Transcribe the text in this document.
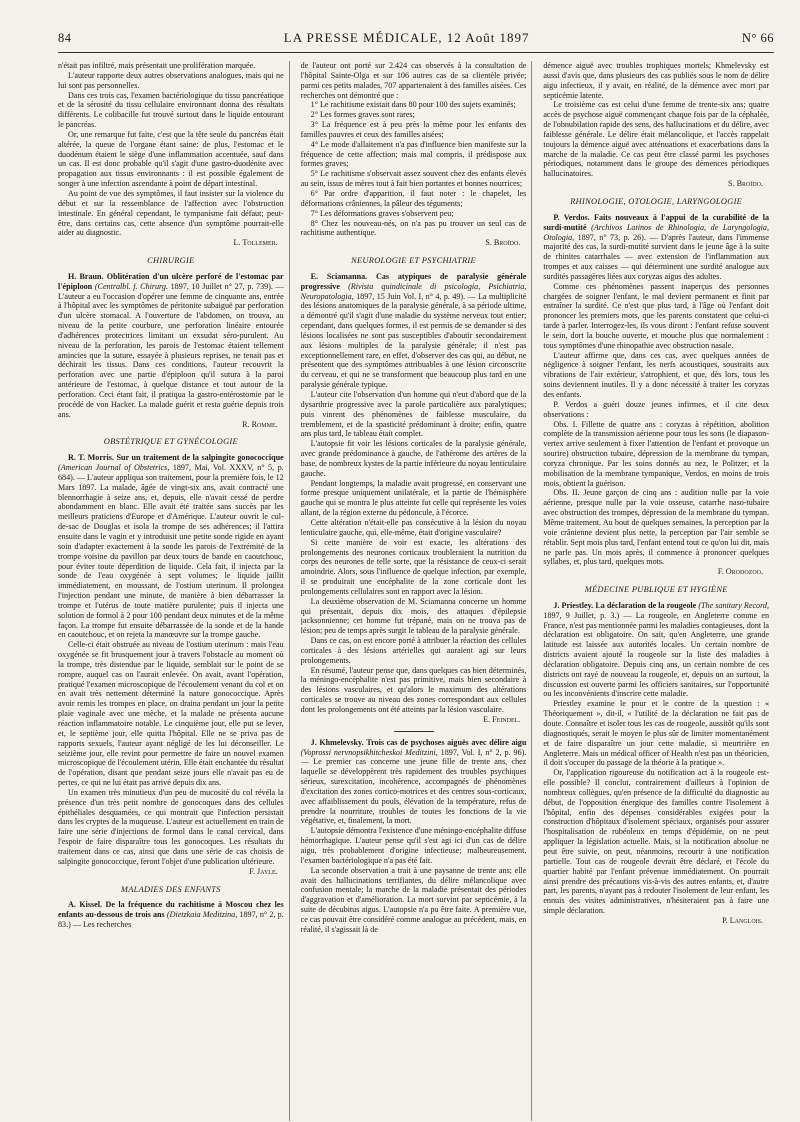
84	LA PRESSE MÉDICALE, 12 Août 1897	N° 66

n'était pas infiltré, mais présentait une prolifération marquée.

L'auteur rapporte deux autres observations analogues, mais qui ne lui sont pas personnelles.

Dans ces trois cas, l'examen bactériologique du tissu pancréatique et de la sérosité du tissu cellulaire environnant donna des résultats différents. Le colibacille fut trouvé surtout dans le liquide entourant le pancréas.

Or, une remarque fut faite, c'est que la tête seule du pancréas était altérée, la queue de l'organe étant saine: de plus, l'estomac et le duodénum étaient le siège d'une inflammation accentuée, sauf dans un cas. Il est donc probable qu'il s'agit d'une gastro-duodénite avec propagation aux tissus environnants : il est possible également de songer à une infection ascendante à point de départ intestinal.

Au point de vue des symptômes, il faut insister sur la violence du début et sur la ressemblance de l'affection avec l'obstruction intestinale. En général cependant, le tympanisme fait défaut; peut-être, dans certains cas, cette absence d'un symptôme pourrait-elle aider au diagnostic.

L. Tollemer.
CHIRURGIE

H. Braun. Oblitération d'un ulcère perforé de l'estomac par l'épiploon (Centralbl. f. Chirurg. 1897, 10 Juillet n° 27, p. 739). — L'auteur a eu l'occasion d'opérer une femme de cinquante ans, entrée à l'hôpital avec les symptômes de péritonite subaiguë par perforation d'un ulcère stomacal. A l'ouverture de l'abdomen, on trouva, au niveau de la petite courbure, une perforation linéaire entourée d'adhérences protectrices limitant un exsudat séro-purulent. Au niveau de la perforation, les parois de l'estomac étaient tellement amincies que la suture, essayée à plusieurs reprises, ne tenait pas et déchirait les tissus. Dans ces conditions, l'auteur recouvrit la perforation avec une partie d'épiploon qu'il sutura à la paroi antérieure de l'estomac, à quelque distance et tout autour de la perforation. Ceci étant fait, il pratiqua la gastro-entérostomie par le procédé de von Hacker. La malade guérit et resta guérie depuis trois ans.

R. Romme.
OBSTÉTRIQUE ET GYNÉCOLOGIE

R. T. Morris. Sur un traitement de la salpingite gonococcique (American Journal of Obstetrics, 1897, Mai, Vol. XXXV, n° 5, p. 684). — L'auteur appliqua son traitement, pour la première fois, le 12 Mars 1897. La malade, âgée de vingt-six ans, avait contracté une blennorrhagie à seize ans, et, depuis, elle n'avait cessé de perdre abondamment en blanc. Elle avait été traitée sans succès par les meilleurs praticiens d'Europe et d'Amérique. L'auteur ouvrit le cul-de-sac de Douglas et isola la trompe de ses adhérences; il l'attira ensuite dans le vagin et y introduisit une petite sonde rigide en ayant soin d'adapter exactement à la sonde les parois de l'extrémité de la trompe voisine du pavillon par deux tours de bande en caoutchouc, pour éviter toute déperdition de liquide. Cela fait, il injecta par la sonde de l'eau oxygénée à sept volumes; le liquide jaillit immédiatement, en moussant, de l'ostium uterinum. Il prolongea l'injection pendant une minute, de manière à bien débarrasser la trompe et l'utérus de toute matière purulente; puis il injecta une solution de formol à 2 pour 100 pendant deux minutes et de la même façon. La trompe fut ensuite débarrassée de la sonde et de la bande en caoutchouc, et on rejeta la manœuvre sur la trompe gauche.

Celle-ci était obstruée au niveau de l'ostium uterinum : mais l'eau oxygénée se fit brusquement jour à travers l'obstacle au moment où la trompe, très distendue par le liquide, semblait sur le point de se rompre, auquel cas on l'aurait enlevée. On avait, avant l'opération, pratiqué l'examen microscopique de l'écoulement venant du col et on en avait très nettement déterminé la nature gonococcique. Après avoir remis les trompes en place, on draina pendant un jour la petite plaie vaginale avec une mèche, et la malade ne présenta aucune réaction inflammatoire notable. Le cinquième jour, elle put se lever, et, le septième jour, elle quitta l'hôpital. Elle ne se priva pas de rapports sexuels, l'auteur ayant négligé de les lui déconseiller. Le seizième jour, elle revint pour permettre de faire un nouvel examen microscopique de l'écoulement utérin. Elle était enchantée du résultat de l'opération, disant que pendant seize jours elle n'avait pas eu de pertes, ce qui ne lui était pas arrivé depuis dix ans.

Un examen très minutieux d'un peu de mucosité du col révéla la présence d'un très petit nombre de gonocoques dans des cellules épithéliales desquamées, ce qui montrait que l'infection persistait dans les cryptes de la muqueuse. L'auteur est actuellement en train de faire une série d'injections de formol dans le canal cervical, dans l'espoir de faire disparaître tous les gonocoques. Les résultats du traitement dans ce cas, ainsi que dans une série de cas choisis de salpingite gonococcique, feront l'objet d'une publication ultérieure.

F. Jayle.
MALADIES DES ENFANTS

A. Kissel. De la fréquence du rachitisme à Moscou chez les enfants au-dessous de trois ans (Dietzkaia Meditzina, 1897, n° 2, p. 83.) — Les recherches

de l'auteur ont porté sur 2.424 cas observés à la consultation de l'hôpital Sainte-Olga et sur 106 autres cas de sa clientèle privée; parmi ces petits malades, 707 appartenaient à des familles aisées. Ces recherches ont démontré que :

1° Le rachitisme existait dans 80 pour 100 des sujets examinés;

2° Les formes graves sont rares;

3° La fréquence est à peu près la même pour les enfants des familles pauvres et ceux des familles aisées;

4° Le mode d'allaitement n'a pas d'influence bien manifeste sur la fréquence de cette affection; mais mal compris, il prédispose aux formes graves;

5° Le rachitisme s'observait assez souvent chez des enfants élevés au sein, issus de mères tout à fait bien portantes et bonnes nourrices;

6° Par ordre d'apparition, il faut noter : le chapelet, les déformations crâniennes, la pâleur des téguments;

7° Les déformations graves s'observent peu;

8° Chez les nouveau-nés, on n'a pas pu trouver un seul cas de rachitisme authentique.

S. Broïdo.
NEUROLOGIE ET PSYCHIATRIE

E. Sciamanna. Cas atypiques de paralysie générale progressive (Rivista quindicinale di psicologia, Psichiatria, Neuropatologia, 1897, 15 Juin Vol. I, n° 4, p. 49). — La multiplicité des lésions anatomiques de la paralysie générale, à sa période ultime, a démontré qu'il s'agit d'une maladie du système nerveux tout entier; cependant, dans quelques formes, il est permis de se demander si des lésions localisées ne sont pas susceptibles d'aboutir secondairement aux lésions multiples de la paralysie générale; il n'est pas exceptionnellement rare, en effet, d'observer des cas qui, au début, ne présentent que des symptômes attribuables à une lésion circonscrite du cerveau, et qui ne se transforment que beaucoup plus tard en une paralysie générale typique.

L'auteur cite l'observation d'un homme qui n'eut d'abord que de la dysarthrie progressive avec la parole particulière aux paralytiques; puis vinrent des phénomènes de faiblesse musculaire, du tremblement, et de la spasticité prédominant à droite; enfin, quatre ans plus tard, le tableau était complet.

L'autopsie fit voir les lésions corticales de la paralysie générale, avec grande prédominance à gauche, de l'athérome des artères de la base, de nombreux kystes de la partie inférieure du noyau lenticulaire gauche.

Pendant longtemps, la maladie avait progressé, en conservant une forme presque uniquement unilatérale, et la partie de l'hémisphère gauche qui se montra le plus atteinte fut celle qui représente les voies allant, de la région externe du pédoncule, à l'écorce.

Cette altération n'était-elle pas consécutive à la lésion du noyau lenticulaire gauche, qui, elle-même, était d'origine vasculaire?

Si cette manière de voir est exacte, les altérations des prolongements des neurones corticaux troubleraient la nutrition du corps des neurones de telle sorte, que la résistance de ceux-ci serait amoindrie. Alors, sous l'influence de quelque infection, par exemple, il se produirait une encéphalite de la zone corticale dont les prolongements cellulaires sont en rapport avec la lésion.

La deuxième observation de M. Sciamanna concerne un homme qui présentait, depuis dix mois, des attaques d'épilepsie jacksonnienne; cet homme fut trépané, mais on ne trouva pas de lésion; peu de temps après surgit le tableau de la paralysie générale.

Dans ce cas, on est encore porté à attribuer la réaction des cellules corticales à des lésions artérielles qui auraient agi sur leurs prolongements.

En résumé, l'auteur pense que, dans quelques cas bien déterminés, la méningo-encéphalite n'est pas primitive, mais bien secondaire à des lésions vasculaires, et qu'alors le maximum des altérations corticales se trouve au niveau des zones correspondant aux cellules dont les prolongements ont été atteints par la lésion vasculaire.

E. Feindel.

J. Khmelevsky. Trois cas de psychoses aiguës avec délire aigu (Voprossi nervnopsikhitcheskoi Meditzini, 1897, Vol. I, n° 2, p. 96). — Le premier cas concerne une jeune fille de trente ans, chez laquelle se développèrent très rapidement des troubles psychiques sérieux, surexcitation, incohérence, accompagnés de phénomènes d'excitation des zones cortico-motrices et des centres sous-corticaux, avec affaiblissement du pouls, élévation de la température, refus de prendre la nourriture, troubles de toutes les fonctions de la vie végétative, et, finalement, la mort.

L'autopsie démontra l'existence d'une méningo-encéphalite diffuse hémorrhagique. L'auteur pense qu'il s'est agi ici d'un cas de délire aigu, très probablement d'origine infectieuse; malheureusement, l'examen bactériologique n'a pas été fait.

La seconde observation a trait à une paysanne de trente ans; elle avait des hallucinations terrifiantes, du délire mélancolique avec confusion mentale; la marche de la maladie présentait des périodes d'aggravation et d'amélioration. La mort survint par septicémie, à la suite de décubitus aigus. L'autopsie n'a pu être faite. A première vue, ce cas pouvait être considéré comme analogue au précédent, mais, en réalité, il s'agissait là de

démence aiguë avec troubles trophiques mortels; Khmelevsky est aussi d'avis que, dans plusieurs des cas publiés sous le nom de délire aigu infectieux, il y avait, en réalité, de la démence avec mort par septicémie latente.

Le troisième cas est celui d'une femme de trente-six ans; quatre accès de psychose aiguë commençant chaque fois par de la céphalée, de l'obnubilation rapide des sens, des hallucinations et du délire, avec faiblesse générale. Le délire était mélancolique, et l'accès rappelait toujours la démence aiguë avec atténuations et exacerbations dans la marche de la maladie. Ce cas peut être classé parmi les psychoses périodiques, notamment dans le groupe des démences périodiques hallucinatoires.

S. Broïdo.
RHINOLOGIE, OTOLOGIE, LARYNGOLOGIE

P. Verdos. Faits nouveaux à l'appui de la curabilité de la surdi-mutité (Archivos Latinos de Rhinologia, de Laryngologia, Otologia, 1897, n° 73, p. 26). — D'après l'auteur, dans l'immense majorité des cas, la surdi-mutité survient dans le jeune âge à la suite de rhinites catarrhales — avec extension de l'inflammation aux trompes et aux caisses — qui déterminent une surdité analogue aux surdités passagères liées aux coryzas aigus des adultes.

Comme ces phénomènes passent inaperçus des personnes chargées de soigner l'enfant, le mal devient permanent et finit par entraîner la surdité. Ce n'est que plus tard, à l'âge où l'enfant doit prononcer les premiers mots, que les parents constatent que celui-ci tarde à parler. Interrogez-les, ils vous diront : l'enfant refuse souvent le sein, dort la bouche ouverte, et mouche plus que normalement : tous symptômes d'une rhinopathie avec obstruction nasale.

L'auteur affirme que, dans ces cas, avec quelques années de négligence à soigner l'enfant, les nerfs acoustiques, soustraits aux vibrations de l'air extérieur, s'atrophient, et que, dès lors, tous les soins deviennent inutiles. Il y a donc nécessité à traiter les coryzas des enfants.

P. Verdos a guéri douze jeunes infirmes, et il cite deux observations :

Obs. I. Fillette de quatre ans : coryzas à répétition, abolition complète de la transmission aérienne pour tous les sons (le diapason-vertex arrive seulement à fixer l'attention de l'enfant et provoque un sourire) obstruction tubaire, dépression de la membrane du tympan, coryza chronique. Par les soins donnés au nez, le Politzer, et la mobilisation de la membrane tympanique, Verdos, en moins de trois mois, obtient la guérison.

Obs. II. Jeune garçon de cinq ans : audition nulle par la voie aérienne, presque nulle par la voie osseuse, catarrhe naso-tubaire avec obstruction des trompes, dépression de la membrane du tympan. Même traitement. Au bout de quelques semaines, la perception par la voie crânienne devient plus nette, la perception par l'air semble se rétablir. Sept mois plus tard, l'enfant entend tout ce qu'on lui dit, mais ne parle pas. Un mois après, il commence à prononcer quelques syllabes, et, plus tard, quelques mots.

F. Orodozoo.
MÉDECINE PUBLIQUE ET HYGIÈNE

J. Priestley. La déclaration de la rougeole (The sanitary Record, 1897, 9 Juillet, p. 3.) — La rougeole, en Angleterre comme en France, n'est pas mentionnée parmi les maladies contagieuses, dont la déclaration est obligatoire. On sait, qu'en Angleterre, une grande latitude est laissée aux autorités locales. Un certain nombre de districts avaient ajouté la rougeole sur la liste des maladies à déclaration obligatoire. Depuis cinq ans, un certain nombre de ces districts ont rayé de nouveau la rougeole, et, depuis un an surtout, la discussion est ouverte parmi les officiers sanitaires, sur l'opportunité ou les inconvénients d'inscrire cette maladie.

Priestley examine le pour et le contre de la question : « Théoriquement », dit-il, « l'utilité de la déclaration ne fait pas de doute. Connaître et isoler tous les cas de rougeole, aussitôt qu'ils sont diagnostiqués, serait le moyen le plus sûr de limiter momentanément et de faire disparaître un jour cette maladie, si meurtrière en Angleterre. Mais un médical officer of Health n'est pas un théoricien, il doit s'occuper du passage de la théorie à la pratique ».

Or, l'application rigoureuse du notification act à la rougeole est-elle possible? Il conclut, contrairement d'ailleurs à l'opinion de nombreux collègues, qu'en présence de la difficulté du diagnostic au début, de l'opposition énergique des familles contre l'isolement à l'hôpital, enfin des dépenses considérables exigées pour la construction d'hôpitaux d'isolement spéciaux, organisés pour assurer l'hospitalisation de rubéoleux en temps d'épidémie, on ne peut appliquer la législation actuelle. Mais, si la notification absolue ne peut être suivie, on peut, néanmoins, recourir à une notification partielle. Tout cas de rougeole devrait être déclaré, et l'école du quartier habité par l'enfant prévenue immédiatement. On pourrait ainsi prendre des précautions vis-à-vis des autres enfants, et, d'autre part, les parents, n'ayant pas à redouter l'isolement de leur enfant, les ennuis des visites administratives, n'hésiteraient pas à faire une simple déclaration.

P. Langlois.
